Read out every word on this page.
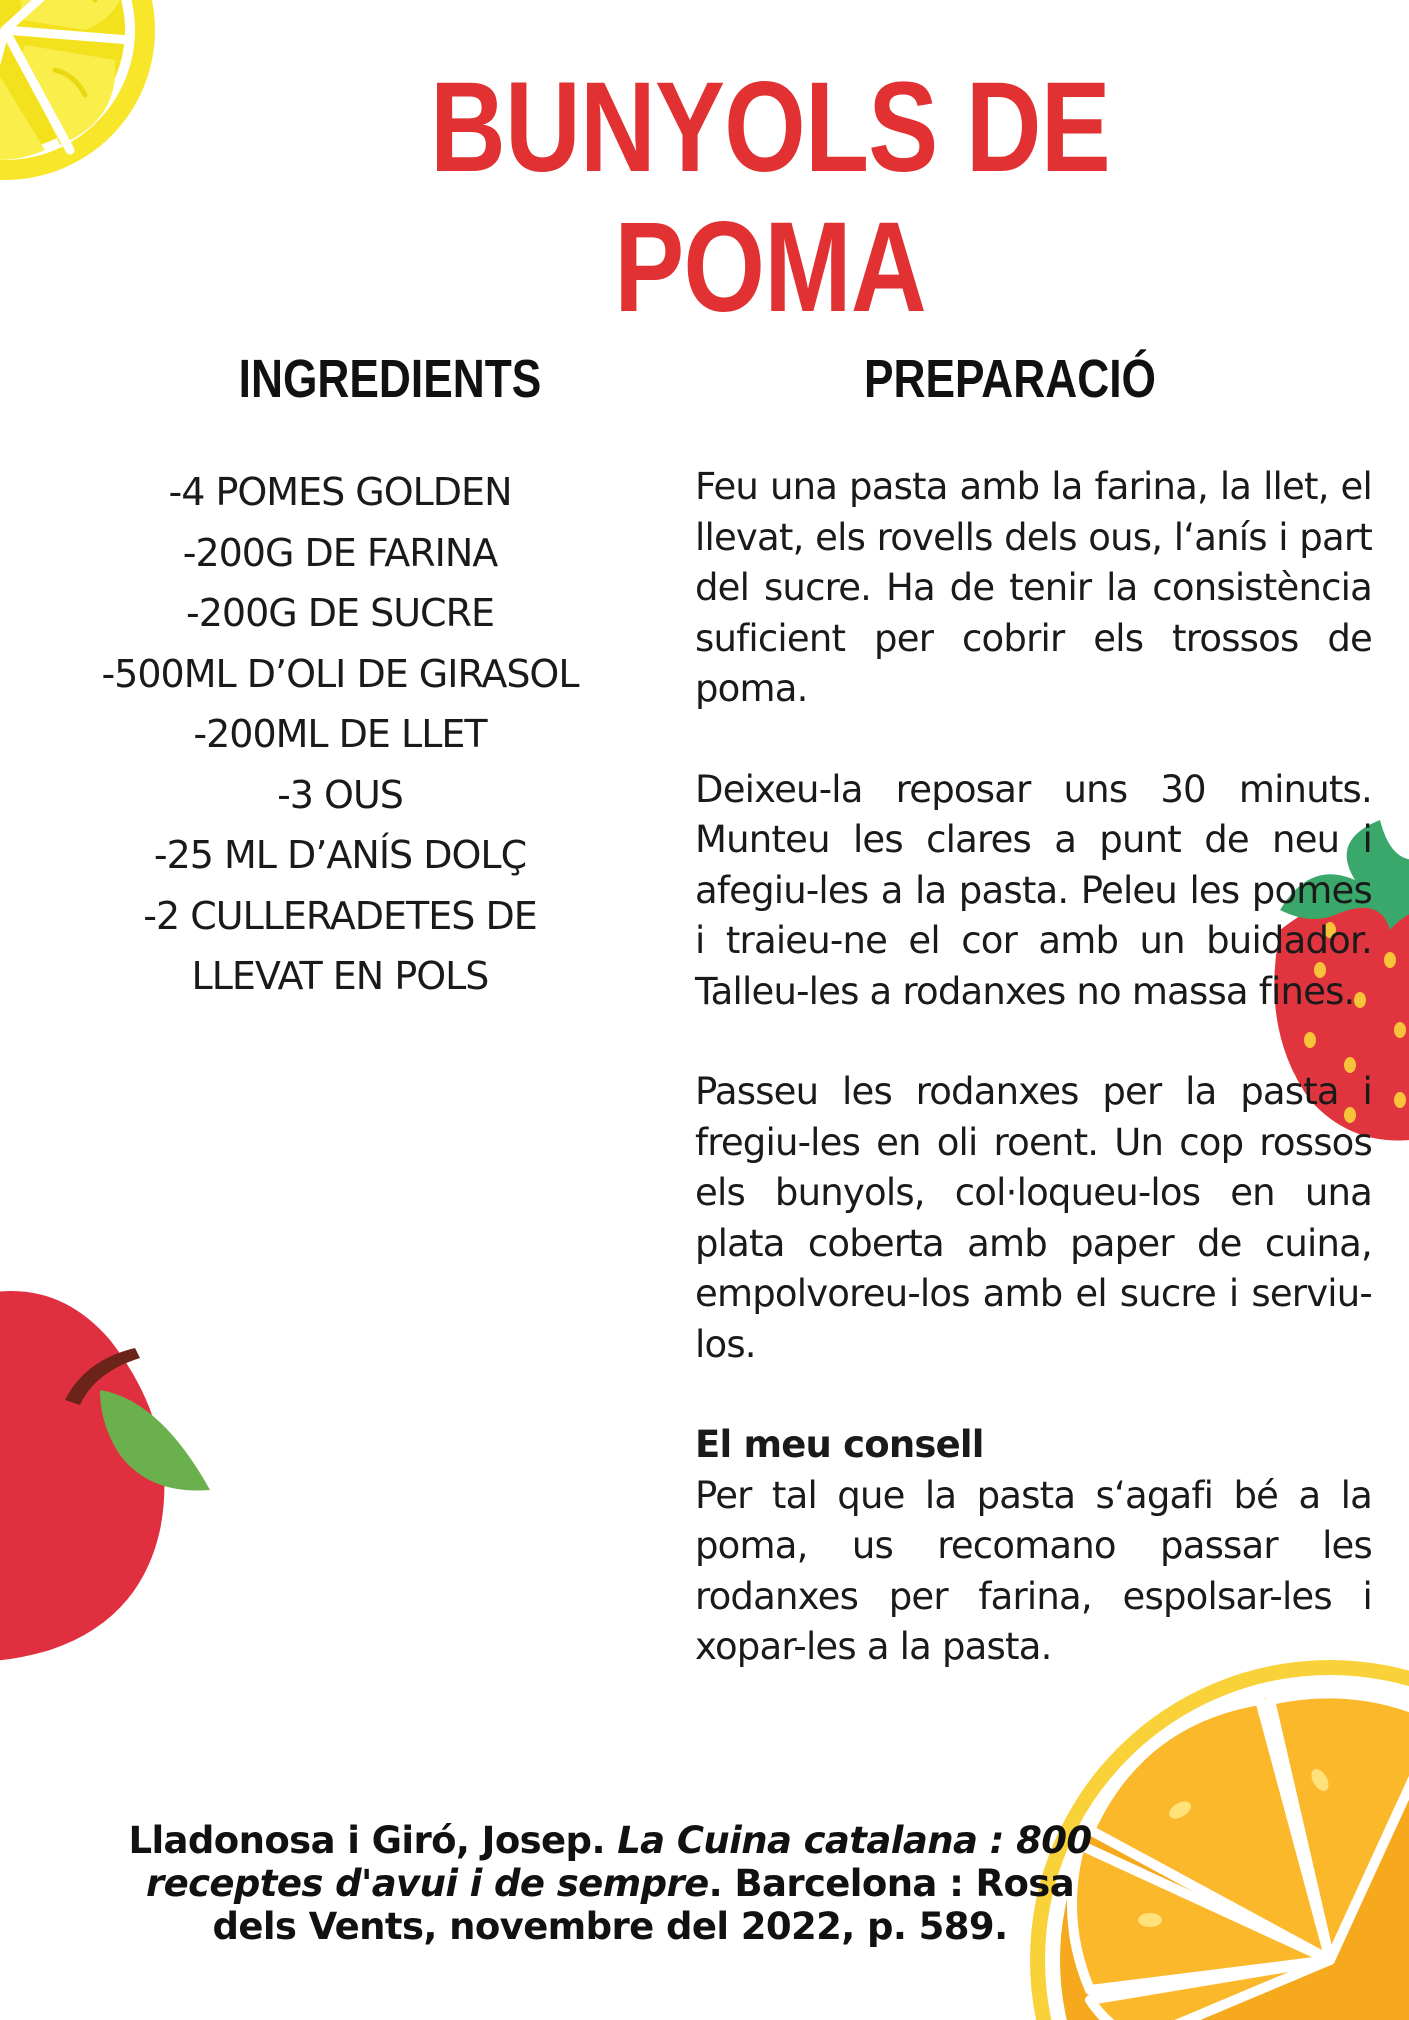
BUNYOLS DE POMA
INGREDIENTS	PREPARACIÓ
-4 POMES GOLDEN
-200G DE FARINA
-200G DE SUCRE
-500ML D’OLI DE GIRASOL
-200ML DE LLET
-3 OUS
-25 ML D’ANÍS DOLÇ
-2 CULLERADETES DE
LLEVAT EN POLS

Feu una pasta amb la farina, la llet, el llevat, els rovells dels ous, l‘anís i part del sucre. Ha de tenir la consistència suficient per cobrir els trossos de poma.

Deixeu-la reposar uns 30 minuts. Munteu les clares a punt de neu i afegiu-les a la pasta. Peleu les pomes i traieu-ne el cor amb un buidador. Talleu-les a rodanxes no massa fines.

Passeu les rodanxes per la pasta i fregiu-les en oli roent. Un cop rossos els bunyols, col·loqueu-los en una plata coberta amb paper de cuina, empolvoreu-los amb el sucre i serviu-los.

El meu consell
Per tal que la pasta s‘agafi bé a la poma, us recomano passar les rodanxes per farina, espolsar-les i xopar-les a la pasta.

Lladonosa i Giró, Josep. La Cuina catalana : 800 receptes d'avui i de sempre. Barcelona : Rosa dels Vents, novembre del 2022, p. 589.
